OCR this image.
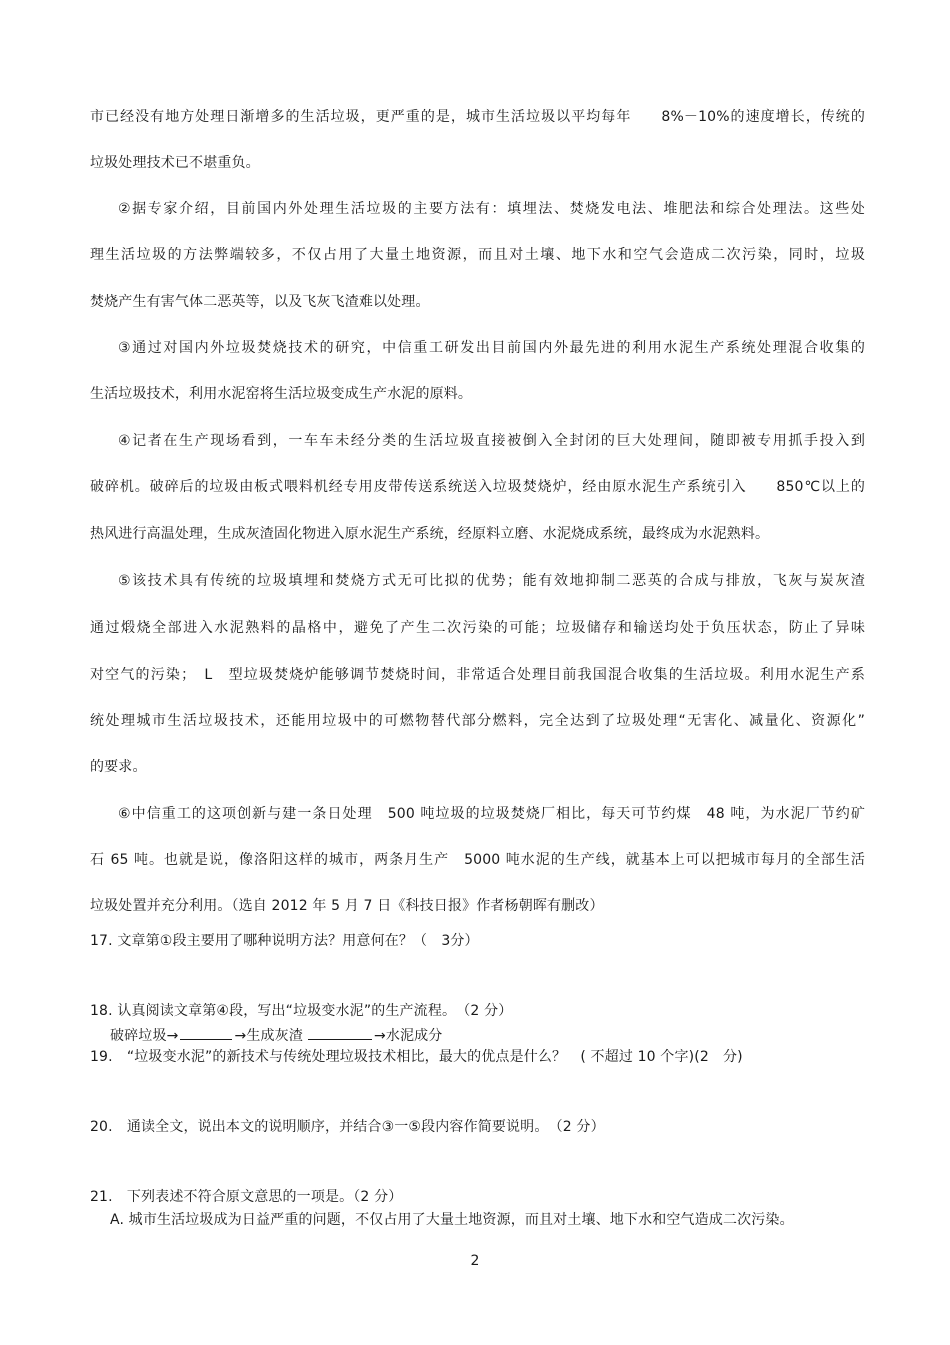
市已经没有地方处理日渐增多的生活垃圾，更严重的是，城市生活垃圾以平均每年　　8%－10%的速度增长，传统的
垃圾处理技术已不堪重负。
②据专家介绍，目前国内外处理生活垃圾的主要方法有：填埋法、焚烧发电法、堆肥法和综合处理法。这些处
理生活垃圾的方法弊端较多，不仅占用了大量土地资源，而且对土壤、地下水和空气会造成二次污染，同时，垃圾
焚烧产生有害气体二恶英等，以及飞灰飞渣难以处理。
③通过对国内外垃圾焚烧技术的研究，中信重工研发出目前国内外最先进的利用水泥生产系统处理混合收集的
生活垃圾技术，利用水泥窑将生活垃圾变成生产水泥的原料。
④记者在生产现场看到，一车车未经分类的生活垃圾直接被倒入全封闭的巨大处理间，随即被专用抓手投入到
破碎机。破碎后的垃圾由板式喂料机经专用皮带传送系统送入垃圾焚烧炉，经由原水泥生产系统引入　　850℃以上的
热风进行高温处理，生成灰渣固化物进入原水泥生产系统，经原料立磨、水泥烧成系统，最终成为水泥熟料。
⑤该技术具有传统的垃圾填埋和焚烧方式无可比拟的优势；能有效地抑制二恶英的合成与排放，飞灰与炭灰渣
通过煅烧全部进入水泥熟料的晶格中，避免了产生二次污染的可能；垃圾储存和输送均处于负压状态，防止了异味
对空气的污染；　L　型垃圾焚烧炉能够调节焚烧时间，非常适合处理目前我国混合收集的生活垃圾。利用水泥生产系
统处理城市生活垃圾技术，还能用垃圾中的可燃物替代部分燃料，完全达到了垃圾处理“无害化、减量化、资源化”
的要求。
⑥中信重工的这项创新与建一条日处理　500 吨垃圾的垃圾焚烧厂相比，每天可节约煤　48 吨，为水泥厂节约矿
石 65 吨。也就是说，像洛阳这样的城市，两条月生产　5000 吨水泥的生产线，就基本上可以把城市每月的全部生活
垃圾处置并充分利用。（选自 2012 年 5 月 7 日《科技日报》作者杨朝晖有删改）
17. 文章第①段主要用了哪种说明方法？用意何在？（　3分）
18. 认真阅读文章第④段，写出“垃圾变水泥”的生产流程。　（2 分）
破碎垃圾→	→生成灰渣	→水泥成分
19.　“垃圾变水泥”的新技术与传统处理垃圾技术相比，最大的优点是什么？　( 不超过 10 个字)(2　分)
20.　通读全文，说出本文的说明顺序，并结合③一⑤段内容作简要说明。　（2 分）
21.　下列表述不符合原文意思的一项是。（2 分）
A. 城市生活垃圾成为日益严重的问题，不仅占用了大量土地资源，而且对土壤、地下水和空气造成二次污染。
2
